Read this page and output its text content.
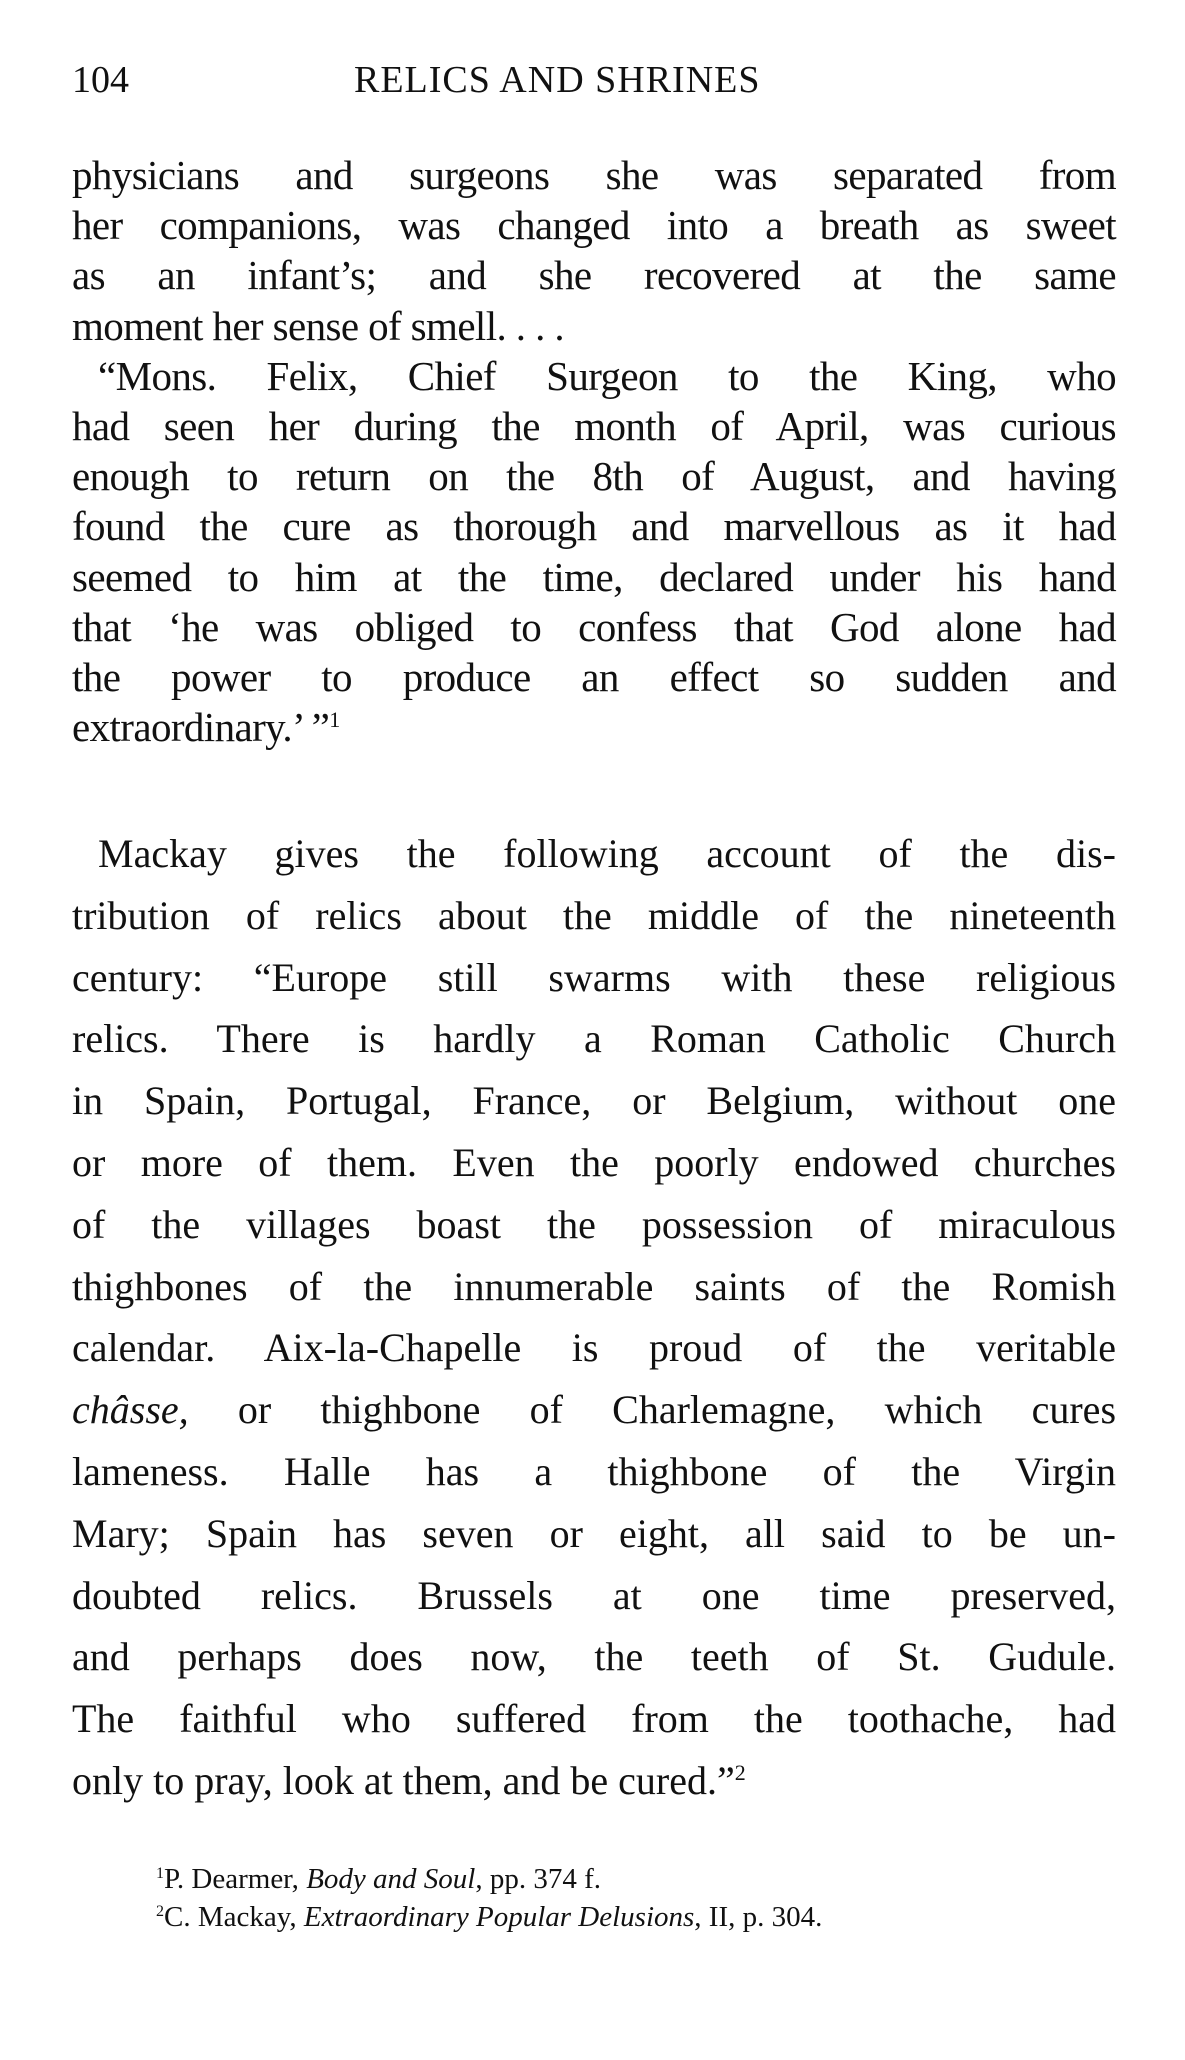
104	RELICS AND SHRINES
physicians and surgeons she was separated from
her companions, was changed into a breath as sweet
as an infant’s; and she recovered at the same
moment her sense of smell. . . .
“Mons. Felix, Chief Surgeon to the King, who
had seen her during the month of April, was curious
enough to return on the 8th of August, and having
found the cure as thorough and marvellous as it had
seemed to him at the time, declared under his hand
that ‘he was obliged to confess that God alone had
the power to produce an effect so sudden and
extraordinary.’ ”$^1$
Mackay gives the following account of the dis-
tribution of relics about the middle of the nineteenth
century: “Europe still swarms with these religious
relics. There is hardly a Roman Catholic Church
in Spain, Portugal, France, or Belgium, without one
or more of them. Even the poorly endowed churches
of the villages boast the possession of miraculous
thighbones of the innumerable saints of the Romish
calendar. Aix-la-Chapelle is proud of the veritable
châsse, or thighbone of Charlemagne, which cures
lameness. Halle has a thighbone of the Virgin
Mary; Spain has seven or eight, all said to be un-
doubted relics. Brussels at one time preserved,
and perhaps does now, the teeth of St. Gudule.
The faithful who suffered from the toothache, had
only to pray, look at them, and be cured.”$^2$
$^1$P. Dearmer, Body and Soul, pp. 374 f.
$^2$C. Mackay, Extraordinary Popular Delusions, II, p. 304.
